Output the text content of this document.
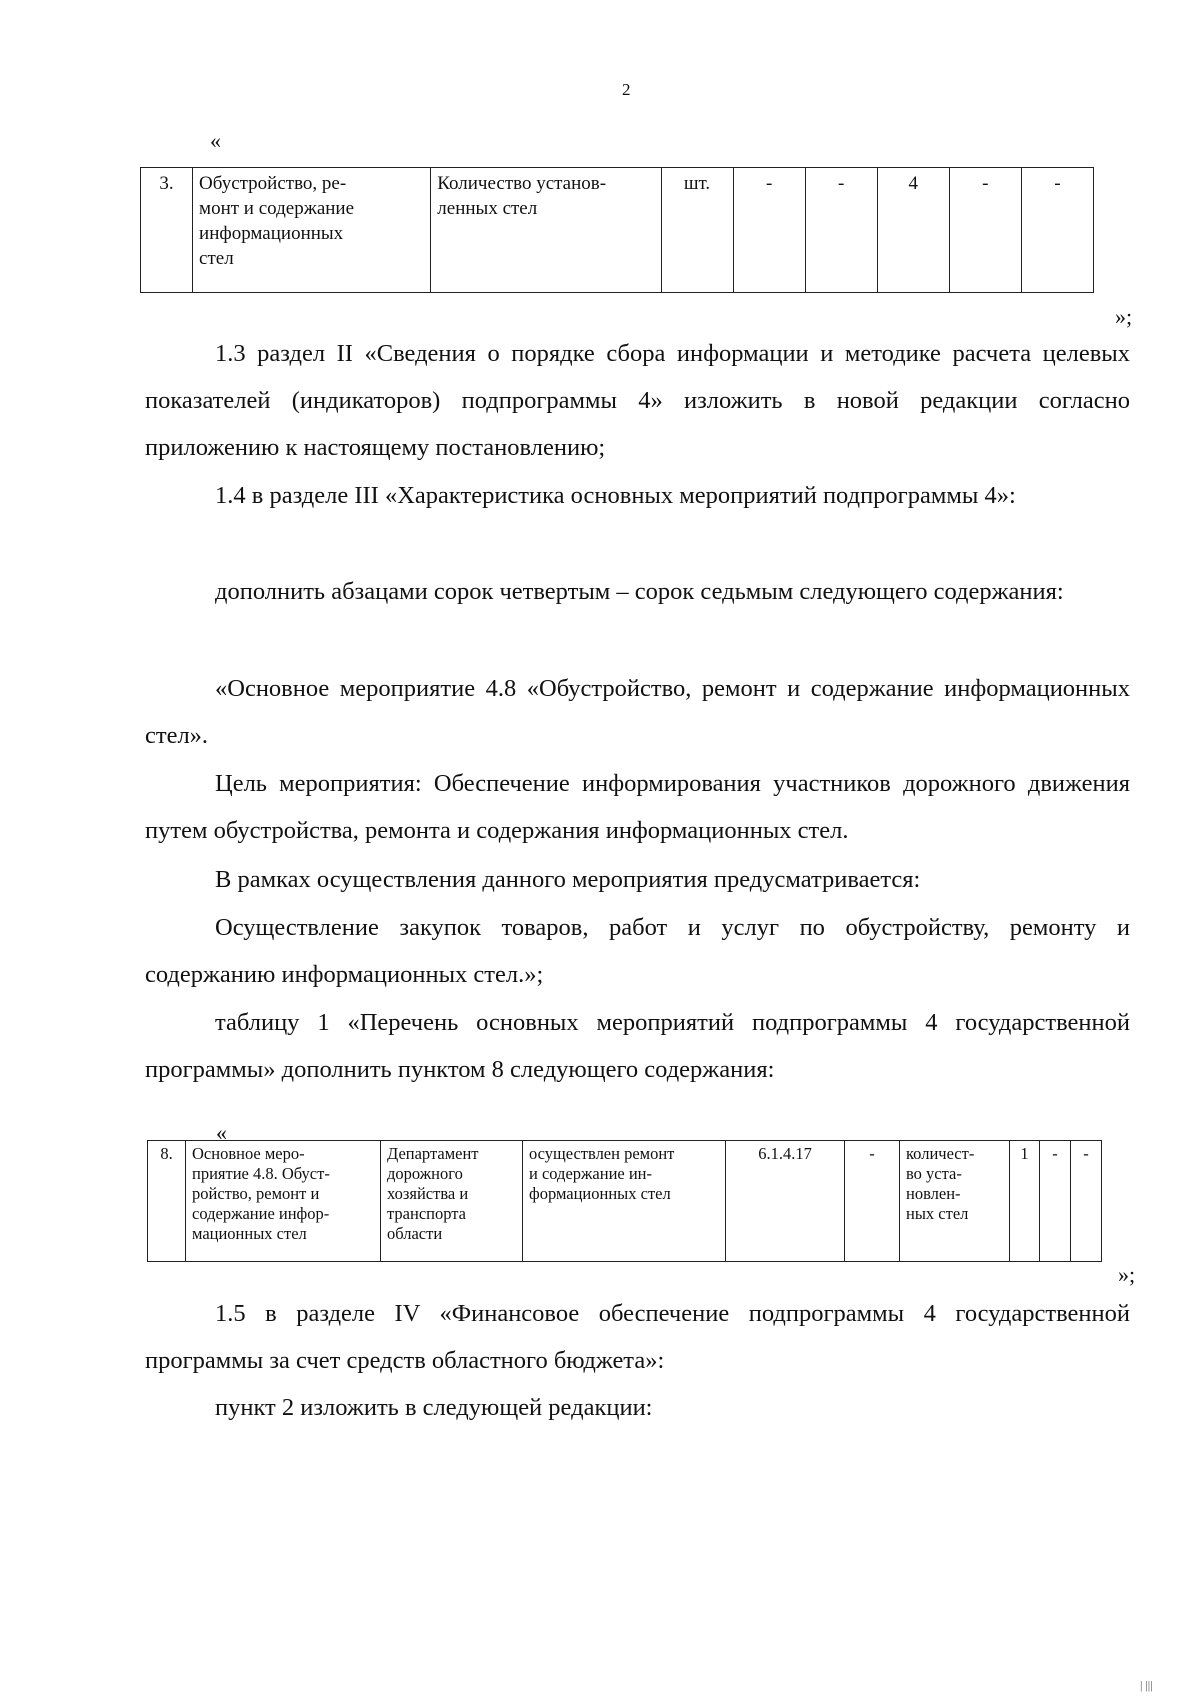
2
«
3.	Обустройство, ре-
монт и содержание
информационных
стел	Количество установ-
ленных стел	шт.	-	-	4	-	-
»;

1.3 раздел II «Сведения о порядке сбора информации и методике расчета целевых показателей (индикаторов) подпрограммы 4» изложить в новой редакции согласно приложению к настоящему постановлению;

1.4 в разделе III «Характеристика основных мероприятий подпрограммы 4»:

дополнить абзацами сорок четвертым – сорок седьмым следующего содержания:

«Основное мероприятие 4.8 «Обустройство, ремонт и содержание информационных стел».

Цель мероприятия: Обеспечение информирования участников дорожного движения путем обустройства, ремонта и содержания информационных стел.

В рамках осуществления данного мероприятия предусматривается:

Осуществление закупок товаров, работ и услуг по обустройству, ремонту и содержанию информационных стел.»;

таблицу 1 «Перечень основных мероприятий подпрограммы 4 государственной программы» дополнить пунктом 8 следующего содержания:

«
8.	Основное меро-
приятие 4.8. Обуст-
ройство, ремонт и
содержание инфор-
мационных стел	Департамент
дорожного
хозяйства и
транспорта
области	осуществлен ремонт
и содержание ин-
формационных стел	6.1.4.17	-	количест-
во уста-
новлен-
ных стел	1	-	-
»;

1.5 в разделе IV «Финансовое обеспечение подпрограммы 4 государственной программы за счет средств областного бюджета»:

пункт 2 изложить в следующей редакции:

| |||
